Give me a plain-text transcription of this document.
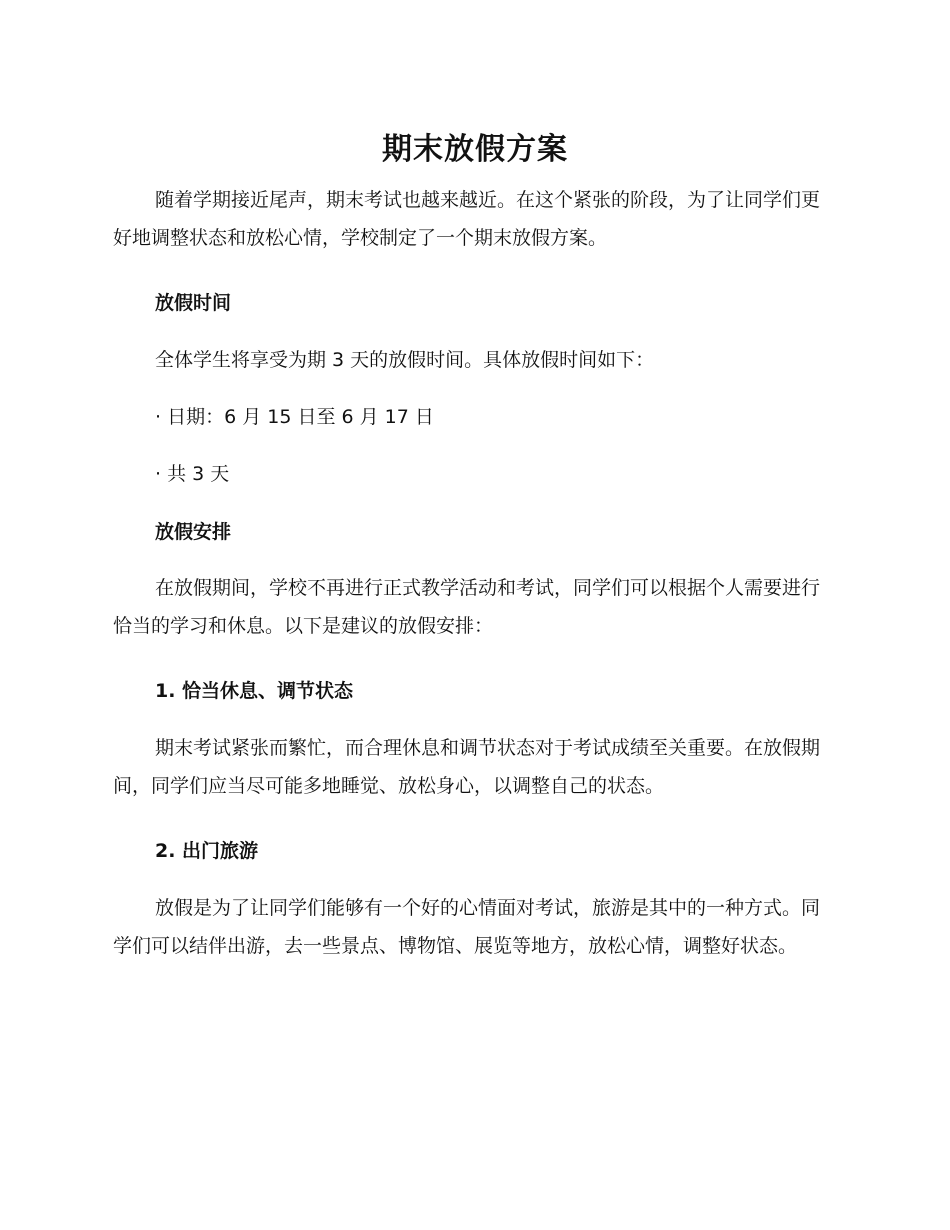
期末放假方案

随着学期接近尾声，期末考试也越来越近。在这个紧张的阶段，为了让同学们更好地调整状态和放松心情，学校制定了一个期末放假方案。

放假时间

全体学生将享受为期 3 天的放假时间。具体放假时间如下：

· 日期：6 月 15 日至 6 月 17 日

· 共 3 天

放假安排

在放假期间，学校不再进行正式教学活动和考试，同学们可以根据个人需要进行恰当的学习和休息。以下是建议的放假安排：

1. 恰当休息、调节状态

期末考试紧张而繁忙，而合理休息和调节状态对于考试成绩至关重要。在放假期间，同学们应当尽可能多地睡觉、放松身心，以调整自己的状态。

2. 出门旅游

放假是为了让同学们能够有一个好的心情面对考试，旅游是其中的一种方式。同学们可以结伴出游，去一些景点、博物馆、展览等地方，放松心情，调整好状态。
